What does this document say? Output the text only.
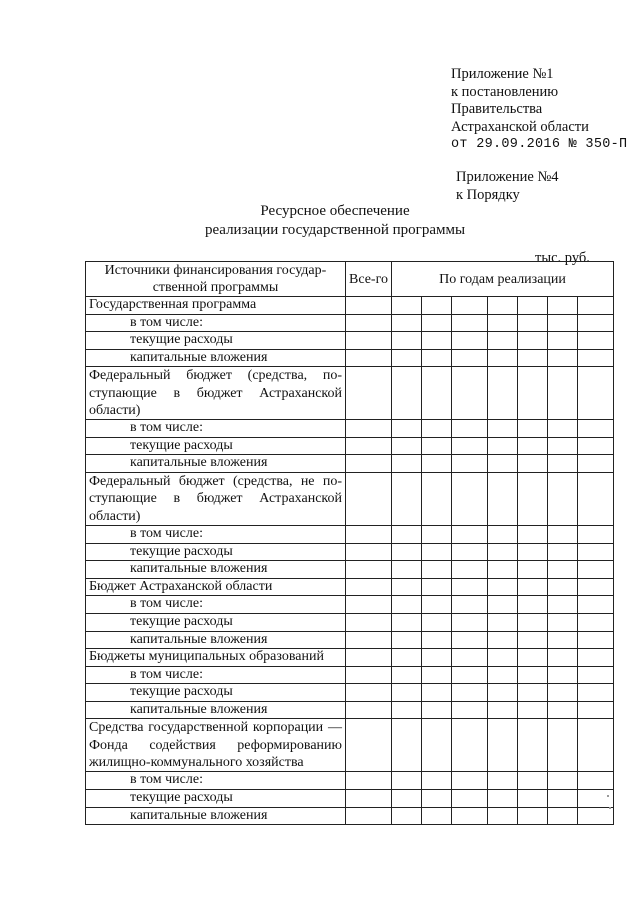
Приложение №1
к постановлению
Правительства
Астраханской области
от 29.09.2016 № 350-П
Приложение №4
к Порядку
Ресурсное обеспечение
реализации государственной программы
тыс. руб.
Источники финансирования государ-ственной программы	Все-го	По годам реализации						
Государственная программа								
в том числе:								
текущие расходы								
капитальные вложения								
Федеральный бюджет (средства, по-ступающие в бюджет Астраханской области)								
в том числе:								
текущие расходы								
капитальные вложения								
Федеральный бюджет (средства, не по-ступающие в бюджет Астраханской области)								
в том числе:								
текущие расходы								
капитальные вложения								
Бюджет Астраханской области								
в том числе:								
текущие расходы								
капитальные вложения								
Бюджеты муниципальных образований								
в том числе:								
текущие расходы								
капитальные вложения								
Средства государственной корпорации — Фонда содействия реформированию жилищно-коммунального хозяйства								
в том числе:								
текущие расходы								
капитальные вложения								
